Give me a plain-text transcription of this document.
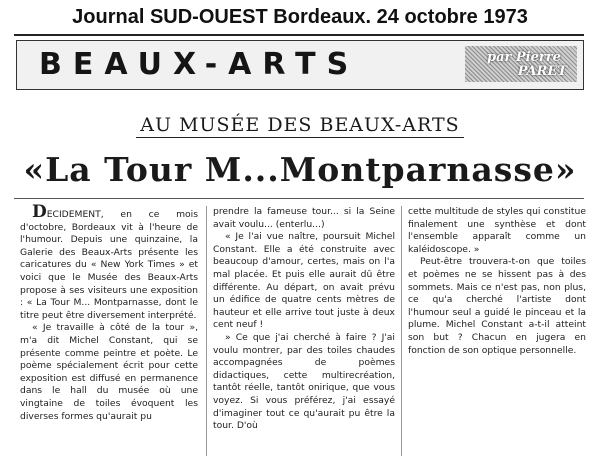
Journal SUD-OUEST Bordeaux. 24 octobre 1973
BEAUX-ARTS	par Pierre
PARET
AU MUSÉE DES BEAUX-ARTS
«La Tour M...Montparnasse»

DECIDEMENT, en ce mois d'octobre, Bordeaux vit à l'heure de l'humour. Depuis une quinzaine, la Galerie des Beaux-Arts présente les caricatures du « New York Times » et voici que le Musée des Beaux-Arts propose à ses visiteurs une exposition : « La Tour M... Montparnasse, dont le titre peut être diversement interprété.

« Je travaille à côté de la tour », m'a dit Michel Constant, qui se présente comme peintre et poète. Le poème spécialement écrit pour cette exposition est diffusé en permanence dans le hall du musée où une vingtaine de toiles évoquent les diverses formes qu'aurait pu

prendre la fameuse tour... si la Seine avait voulu... (enterlu...)

« Je l'ai vue naître, poursuit Michel Constant. Elle a été construite avec beaucoup d'amour, certes, mais on l'a mal placée. Et puis elle aurait dû être différente. Au départ, on avait prévu un édifice de quatre cents mètres de hauteur et elle arrive tout juste à deux cent neuf !

» Ce que j'ai cherché à faire ? J'ai voulu montrer, par des toiles chaudes accompagnées de poèmes didactiques, cette multirecréation, tantôt réelle, tantôt onirique, que vous voyez. Si vous préférez, j'ai essayé d'imaginer tout ce qu'aurait pu être la tour. D'où

cette multitude de styles qui constitue finalement une synthèse et dont l'ensemble apparaît comme un kaléidoscope. »

Peut-être trouvera-t-on que toiles et poèmes ne se hissent pas à des sommets. Mais ce n'est pas, non plus, ce qu'a cherché l'artiste dont l'humour seul a guidé le pinceau et la plume. Michel Constant a-t-il atteint son but ? Chacun en jugera en fonction de son optique personnelle.
